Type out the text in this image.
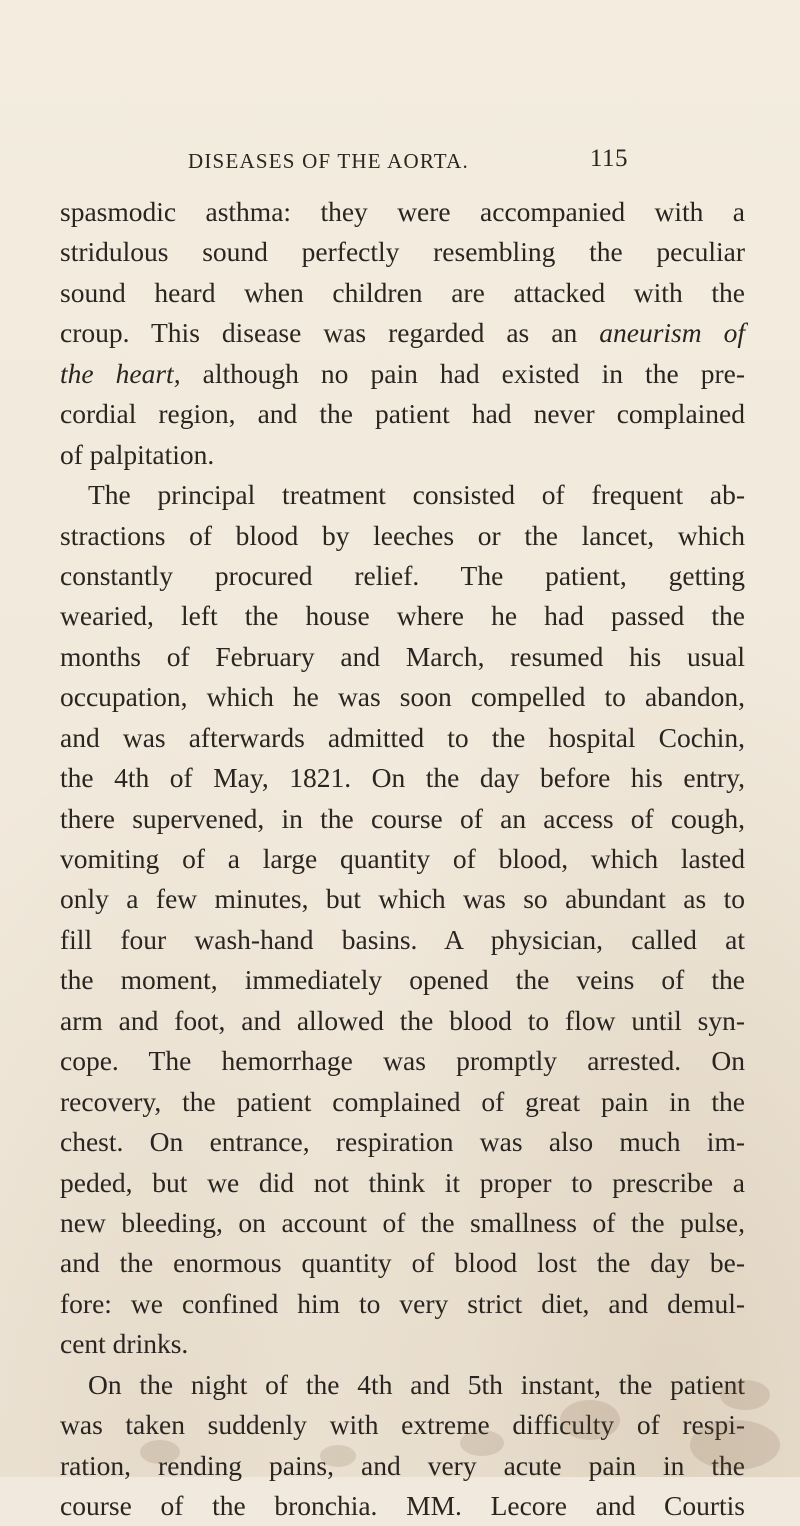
DISEASES OF THE AORTA.	115
spasmodic asthma: they were accompanied with a
stridulous sound perfectly resembling the peculiar
sound heard when children are attacked with the
croup. This disease was regarded as an aneurism of
the heart, although no pain had existed in the pre-
cordial region, and the patient had never complained
of palpitation.
The principal treatment consisted of frequent ab-
stractions of blood by leeches or the lancet, which
constantly procured relief. The patient, getting
wearied, left the house where he had passed the
months of February and March, resumed his usual
occupation, which he was soon compelled to abandon,
and was afterwards admitted to the hospital Cochin,
the 4th of May, 1821. On the day before his entry,
there supervened, in the course of an access of cough,
vomiting of a large quantity of blood, which lasted
only a few minutes, but which was so abundant as to
fill four wash-hand basins. A physician, called at
the moment, immediately opened the veins of the
arm and foot, and allowed the blood to flow until syn-
cope. The hemorrhage was promptly arrested. On
recovery, the patient complained of great pain in the
chest. On entrance, respiration was also much im-
peded, but we did not think it proper to prescribe a
new bleeding, on account of the smallness of the pulse,
and the enormous quantity of blood lost the day be-
fore: we confined him to very strict diet, and demul-
cent drinks.
On the night of the 4th and 5th instant, the patient
was taken suddenly with extreme difficulty of respi-
ration, rending pains, and very acute pain in the
course of the bronchia. MM. Lecore and Courtis
